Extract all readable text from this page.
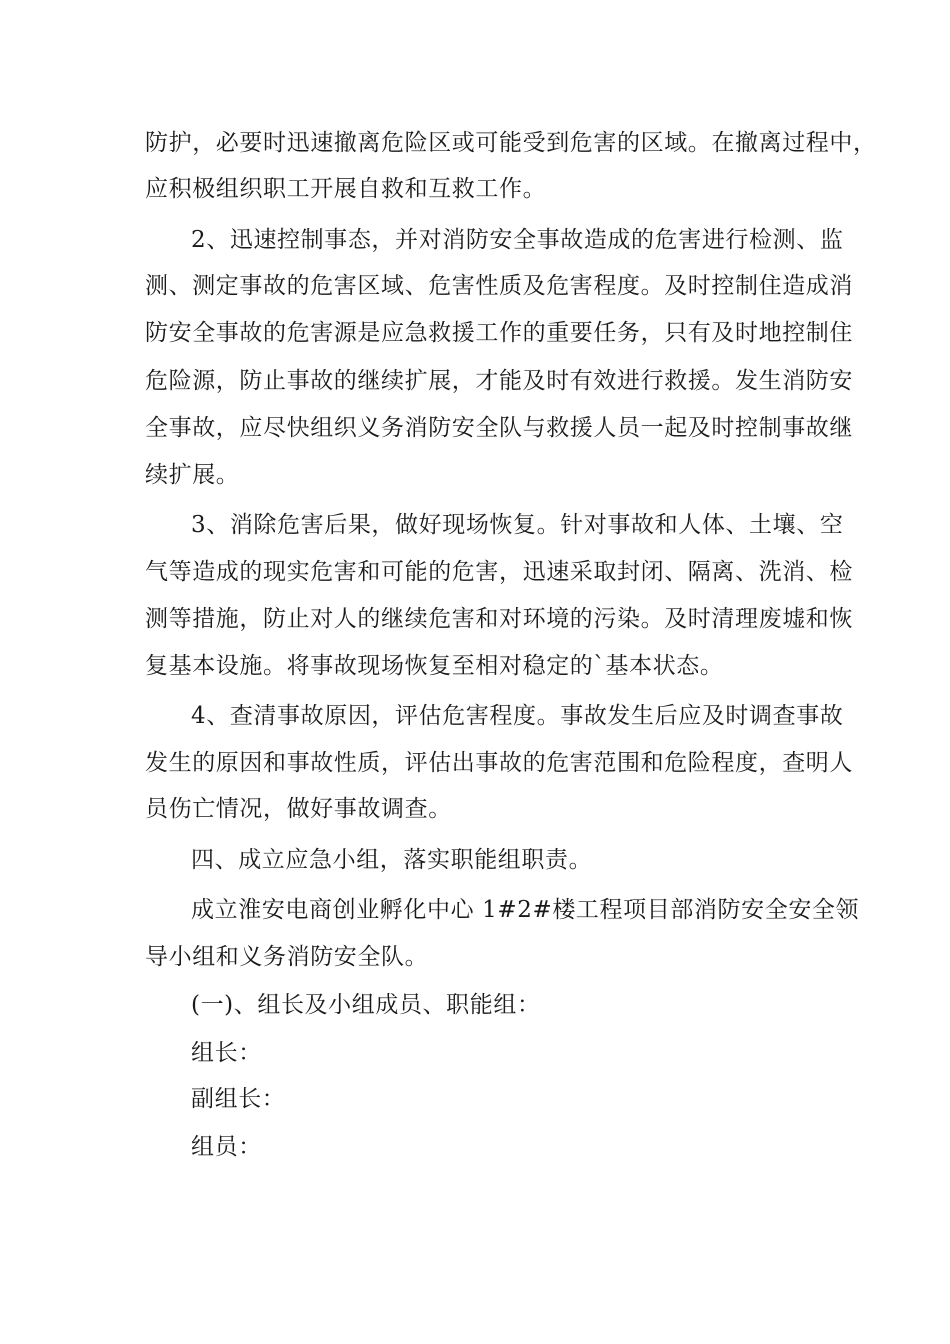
防护，必要时迅速撤离危险区或可能受到危害的区域。在撤离过程中，
应积极组织职工开展自救和互救工作。
2、迅速控制事态，并对消防安全事故造成的危害进行检测、监
测、测定事故的危害区域、危害性质及危害程度。及时控制住造成消
防安全事故的危害源是应急救援工作的重要任务，只有及时地控制住
危险源，防止事故的继续扩展，才能及时有效进行救援。发生消防安
全事故，应尽快组织义务消防安全队与救援人员一起及时控制事故继
续扩展。
3、消除危害后果，做好现场恢复。针对事故和人体、土壤、空
气等造成的现实危害和可能的危害，迅速采取封闭、隔离、洗消、检
测等措施，防止对人的继续危害和对环境的污染。及时清理废墟和恢
复基本设施。将事故现场恢复至相对稳定的`基本状态。
4、查清事故原因，评估危害程度。事故发生后应及时调查事故
发生的原因和事故性质，评估出事故的危害范围和危险程度，查明人
员伤亡情况，做好事故调查。
四、成立应急小组，落实职能组职责。
成立淮安电商创业孵化中心 1#2#楼工程项目部消防安全安全领
导小组和义务消防安全队。
(一)、组长及小组成员、职能组：
组长：
副组长：
组员：
